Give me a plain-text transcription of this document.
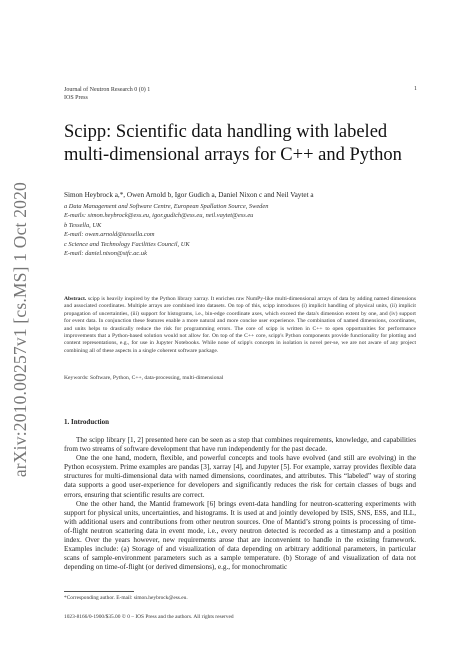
arXiv:2010.00257v1 [cs.MS] 1 Oct 2020
Journal of Neutron Research 0 (0) 1
IOS Press
1
Scipp: Scientific data handling with labeled multi-dimensional arrays for C++ and Python
Simon Heybrock a,*, Owen Arnold b, Igor Gudich a, Daniel Nixon c and Neil Vaytet a
a Data Management and Software Centre, European Spallation Source, Sweden
E-mails: simon.heybrock@ess.eu, igor.gudich@ess.eu, neil.vaytet@ess.eu
b Tessella, UK
E-mail: owen.arnold@tessella.com
c Science and Technology Facilities Council, UK
E-mail: daniel.nixon@stfc.ac.uk

Abstract. scipp is heavily inspired by the Python library xarray. It enriches raw NumPy-like multi-dimensional arrays of data by adding named dimensions and associated coordinates. Multiple arrays are combined into datasets. On top of this, scipp introduces (i) implicit handling of physical units, (ii) implicit propagation of uncertainties, (iii) support for histograms, i.e., bin-edge coordinate axes, which exceed the data's dimension extent by one, and (iv) support for event data. In conjunction these features enable a more natural and more concise user experience. The combination of named dimensions, coordinates, and units helps to drastically reduce the risk for programming errors. The core of scipp is written in C++ to open opportunities for performance improvements that a Python-based solution would not allow for. On top of the C++ core, scipp's Python components provide functionality for plotting and content representations, e.g., for use in Jupyter Notebooks. While none of scipp's concepts in isolation is novel per-se, we are not aware of any project combining all of these aspects in a single coherent software package.

Keywords: Software, Python, C++, data-processing, multi-dimensional
1. Introduction

The scipp library [1, 2] presented here can be seen as a step that combines requirements, knowledge, and capabilities from two streams of software development that have run independently for the past decade.

One the one hand, modern, flexible, and powerful concepts and tools have evolved (and still are evolving) in the Python ecosystem. Prime examples are pandas [3], xarray [4], and Jupyter [5]. For example, xarray provides flexible data structures for multi-dimensional data with named dimensions, coordinates, and attributes. This “labeled” way of storing data supports a good user-experience for developers and significantly reduces the risk for certain classes of bugs and errors, ensuring that scientific results are correct.

One the other hand, the Mantid framework [6] brings event-data handling for neutron-scattering experiments with support for physical units, uncertainties, and histograms. It is used at and jointly developed by ISIS, SNS, ESS, and ILL, with additional users and contributions from other neutron sources. One of Mantid’s strong points is processing of time-of-flight neutron scattering data in event mode, i.e., every neutron detected is recorded as a timestamp and a position index. Over the years however, new requirements arose that are inconvenient to handle in the existing framework. Examples include: (a) Storage of and visualization of data depending on arbitrary additional parameters, in particular scans of sample-environment parameters such as a sample temperature. (b) Storage of and visualization of data not depending on time-of-flight (or derived dimensions), e.g., for monochromatic

*Corresponding author. E-mail: simon.heybrock@ess.eu.
1023-8166/0-1900/$35.00 © 0 – IOS Press and the authors. All rights reserved
